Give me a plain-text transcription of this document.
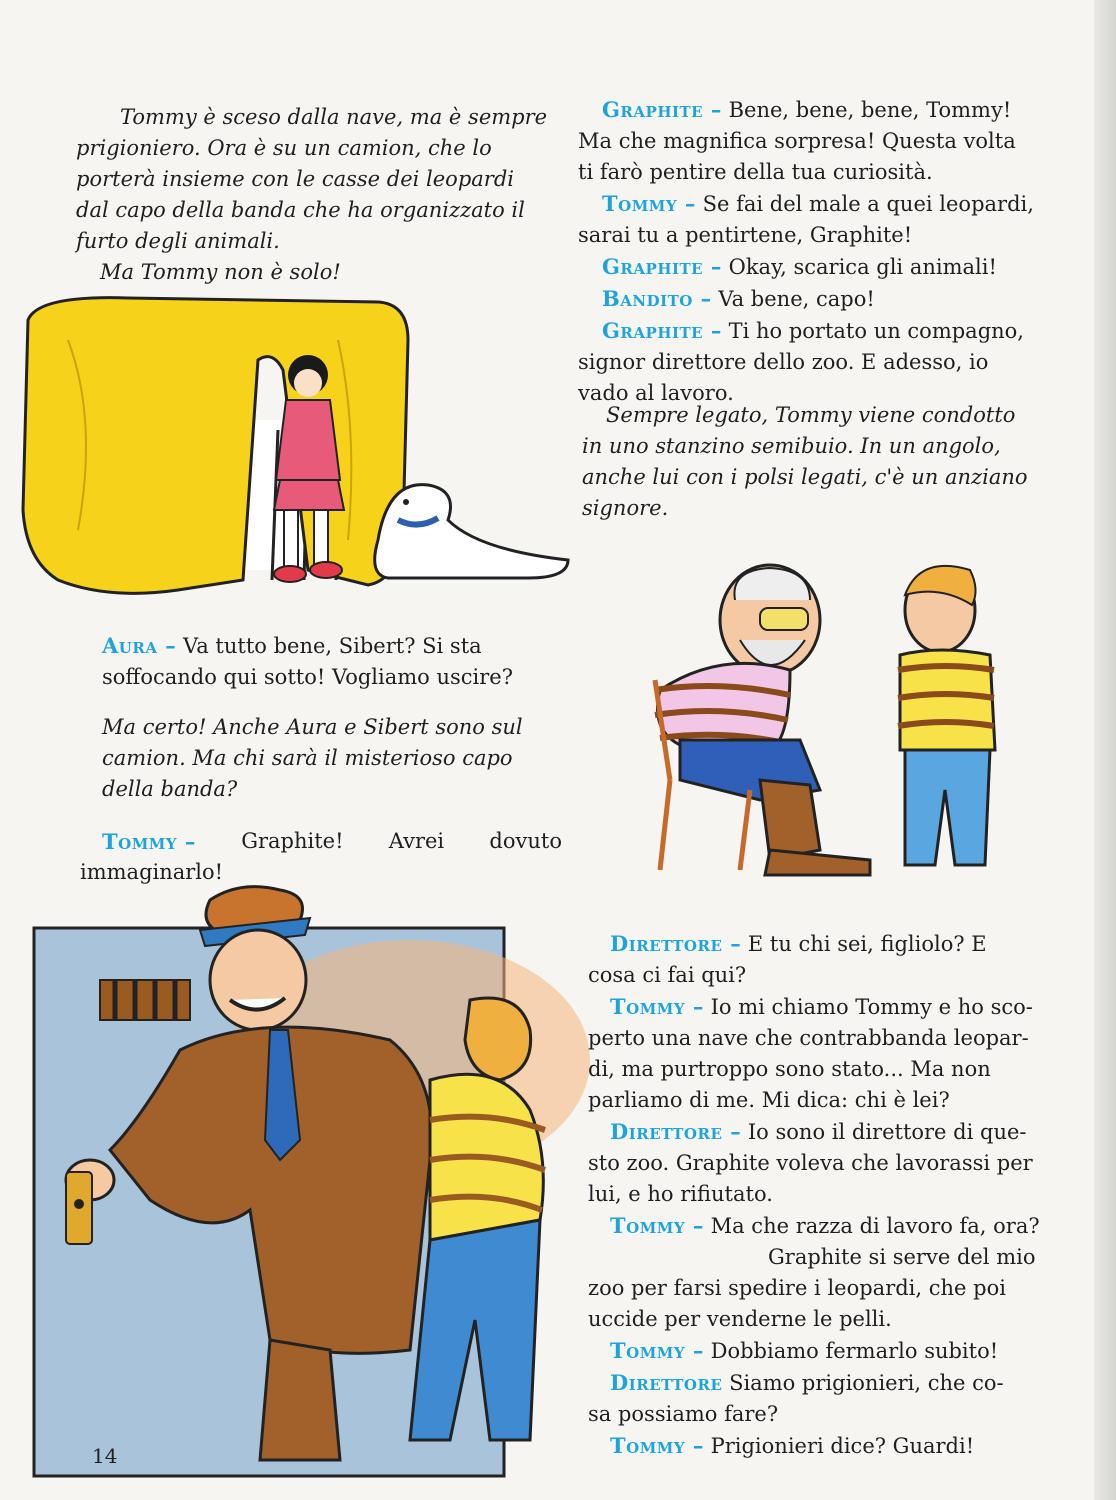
Tommy è sceso dalla nave, ma è sempre
prigioniero. Ora è su un camion, che lo
porterà insieme con le casse dei leopardi
dal capo della banda che ha organizzato il
furto degli animali.
Ma Tommy non è solo!
Aura – Va tutto bene, Sibert? Si sta
soffocando qui sotto! Vogliamo uscire?
Ma certo! Anche Aura e Sibert sono sul
camion. Ma chi sarà il misterioso capo
della banda?
Tommy – Graphite! Avrei dovuto
immaginarlo!
14
Graphite – Bene, bene, bene, Tommy!
Ma che magnifica sorpresa! Questa volta
ti farò pentire della tua curiosità.
Tommy – Se fai del male a quei leopardi,
sarai tu a pentirtene, Graphite!
Graphite – Okay, scarica gli animali!
Bandito – Va bene, capo!
Graphite – Ti ho portato un compagno,
signor direttore dello zoo. E adesso, io
vado al lavoro.
Sempre legato, Tommy viene condotto
in uno stanzino semibuio. In un angolo,
anche lui con i polsi legati, c'è un anziano
signore.
Direttore – E tu chi sei, figliolo? E
cosa ci fai qui?
Tommy – Io mi chiamo Tommy e ho sco-
perto una nave che contrabbanda leopar-
di, ma purtroppo sono stato... Ma non
parliamo di me. Mi dica: chi è lei?
Direttore – Io sono il direttore di que-
sto zoo. Graphite voleva che lavorassi per
lui, e ho rifiutato.
Tommy – Ma che razza di lavoro fa, ora?
Graphite si serve del mio
zoo per farsi spedire i leopardi, che poi
uccide per venderne le pelli.
Tommy – Dobbiamo fermarlo subito!
Direttore Siamo prigionieri, che co-
sa possiamo fare?
Tommy – Prigionieri dice? Guardi!
